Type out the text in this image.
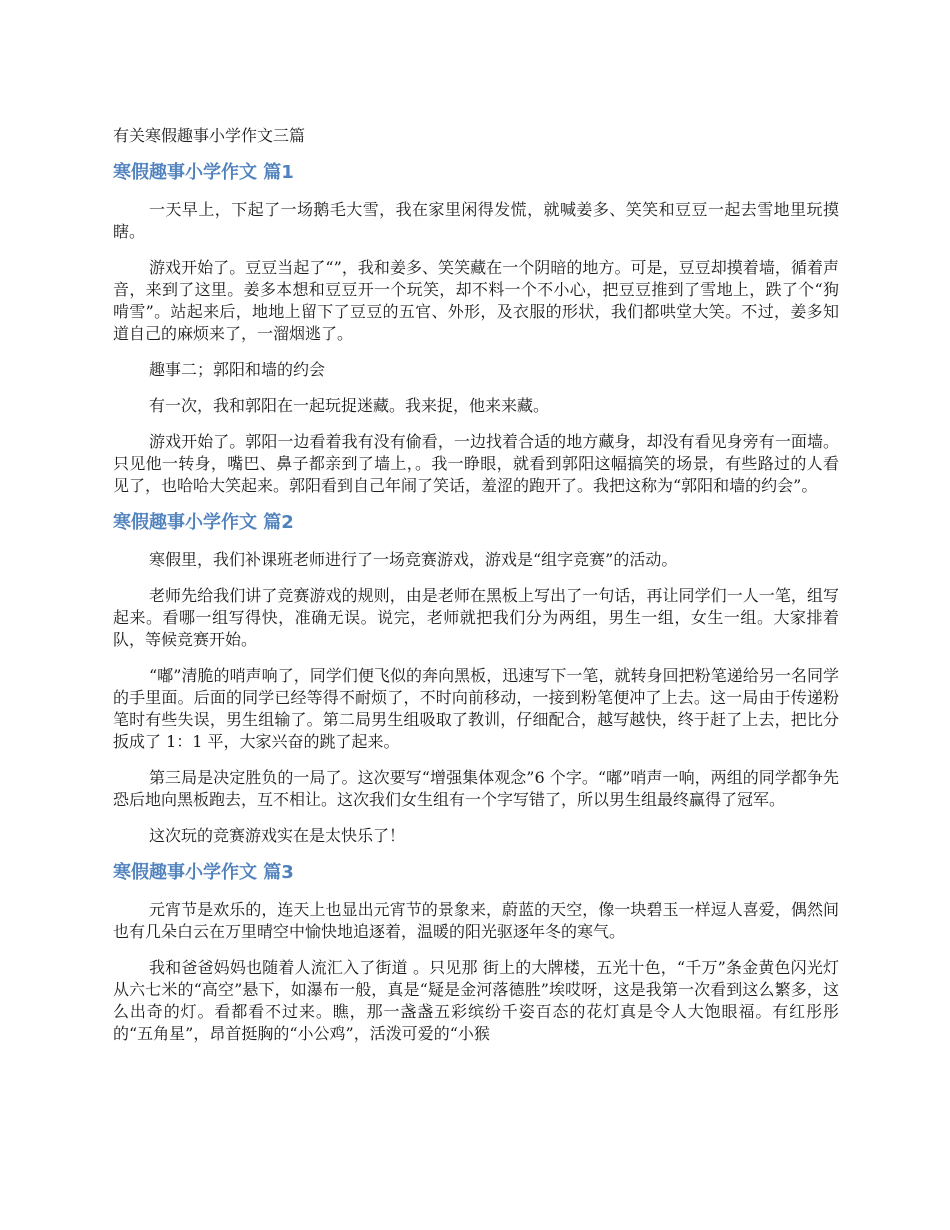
有关寒假趣事小学作文三篇
寒假趣事小学作文 篇1

一天早上，下起了一场鹅毛大雪，我在家里闲得发慌，就喊姜多、笑笑和豆豆一起去雪地里玩摸瞎。

游戏开始了。豆豆当起了“”，我和姜多、笑笑藏在一个阴暗的地方。可是，豆豆却摸着墙，循着声音，来到了这里。姜多本想和豆豆开一个玩笑，却不料一个不小心，把豆豆推到了雪地上，跌了个“狗啃雪”。站起来后，地地上留下了豆豆的五官、外形，及衣服的形状，我们都哄堂大笑。不过，姜多知道自己的麻烦来了，一溜烟逃了。

趣事二；郭阳和墙的约会

有一次，我和郭阳在一起玩捉迷藏。我来捉，他来来藏。

游戏开始了。郭阳一边看着我有没有偷看，一边找着合适的地方藏身，却没有看见身旁有一面墙。只见他一转身，嘴巴、鼻子都亲到了墙上，。我一睁眼，就看到郭阳这幅搞笑的场景，有些路过的人看见了，也哈哈大笑起来。郭阳看到自己年闹了笑话，羞涩的跑开了。我把这称为“郭阳和墙的约会”。

寒假趣事小学作文 篇2

寒假里，我们补课班老师进行了一场竞赛游戏，游戏是“组字竞赛”的活动。

老师先给我们讲了竞赛游戏的规则，由是老师在黑板上写出了一句话，再让同学们一人一笔，组写起来。看哪一组写得快，准确无误。说完，老师就把我们分为两组，男生一组，女生一组。大家排着队，等候竞赛开始。

“嘟”清脆的哨声响了，同学们便飞似的奔向黑板，迅速写下一笔，就转身回把粉笔递给另一名同学的手里面。后面的同学已经等得不耐烦了，不时向前移动，一接到粉笔便冲了上去。这一局由于传递粉笔时有些失误，男生组输了。第二局男生组吸取了教训，仔细配合，越写越快，终于赶了上去，把比分扳成了 1：1 平，大家兴奋的跳了起来。

第三局是决定胜负的一局了。这次要写“增强集体观念”6 个字。“嘟”哨声一响，两组的同学都争先恐后地向黑板跑去，互不相让。这次我们女生组有一个字写错了，所以男生组最终赢得了冠军。

这次玩的竞赛游戏实在是太快乐了！

寒假趣事小学作文 篇3

元宵节是欢乐的，连天上也显出元宵节的景象来，蔚蓝的天空，像一块碧玉一样逗人喜爱，偶然间也有几朵白云在万里晴空中愉快地追逐着，温暖的阳光驱逐年冬的寒气。

我和爸爸妈妈也随着人流汇入了街道 。只见那 街上的大牌楼，五光十色，“千万”条金黄色闪光灯从六七米的“高空”悬下，如瀑布一般，真是“疑是金河落德胜”埃哎呀，这是我第一次看到这么繁多，这么出奇的灯。看都看不过来。瞧，那一盏盏五彩缤纷千姿百态的花灯真是令人大饱眼福。有红彤彤的“五角星”，昂首挺胸的“小公鸡”，活泼可爱的“小猴
